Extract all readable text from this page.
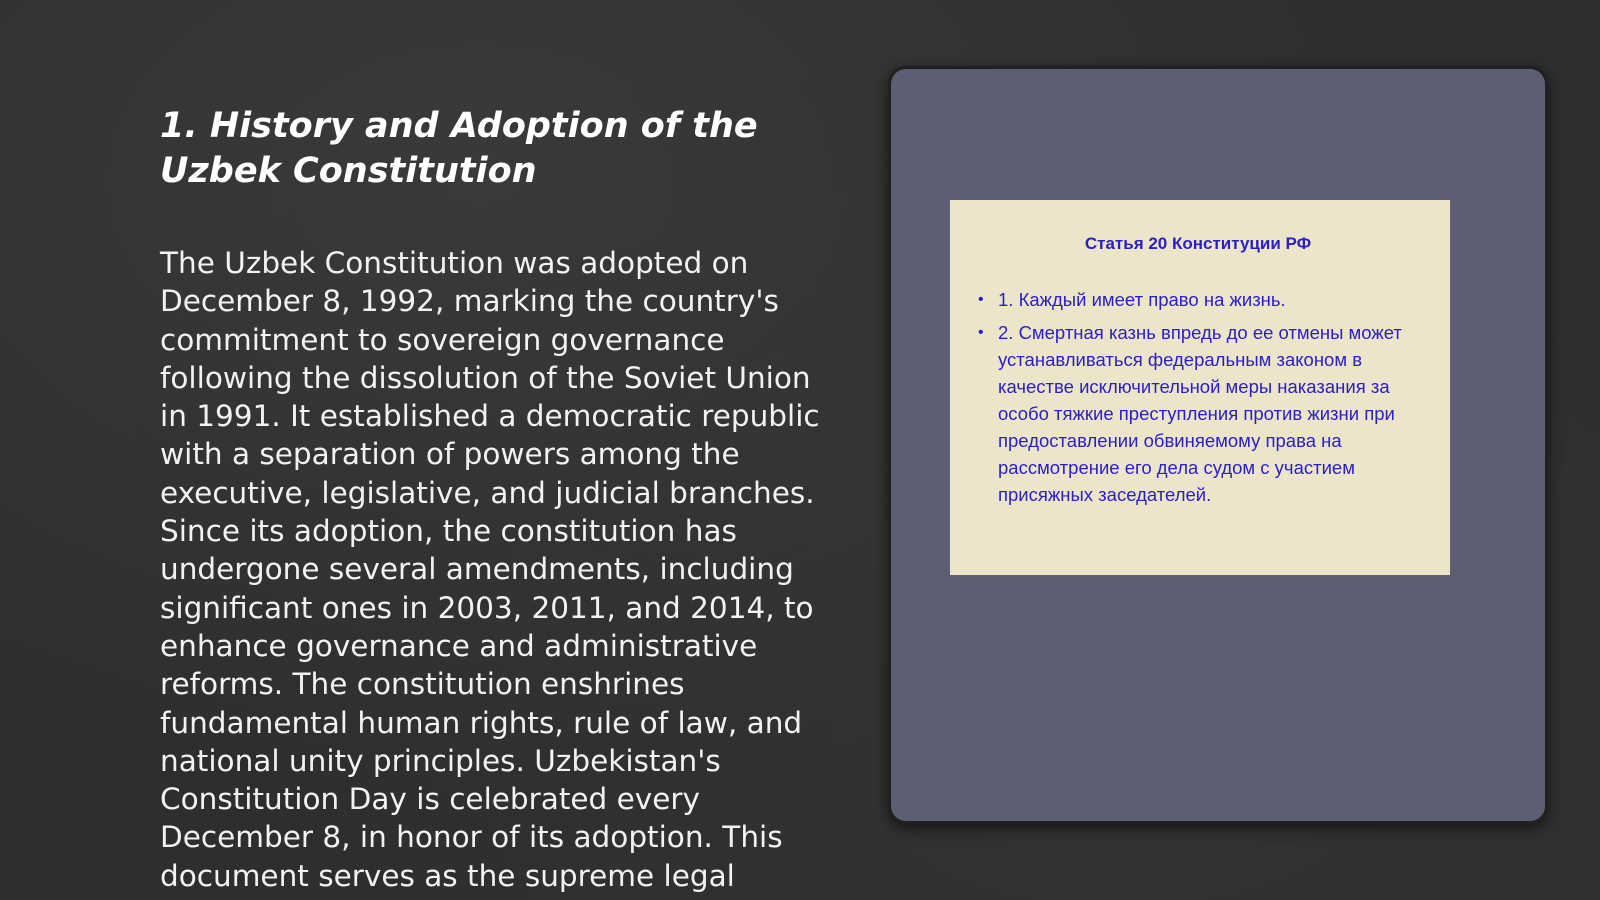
1. History and Adoption of the Uzbek Constitution

The Uzbek Constitution was adopted on
December 8, 1992, marking the country's
commitment to sovereign governance
following the dissolution of the Soviet Union
in 1991. It established a democratic republic
with a separation of powers among the
executive, legislative, and judicial branches.
Since its adoption, the constitution has
undergone several amendments, including
significant ones in 2003, 2011, and 2014, to
enhance governance and administrative
reforms. The constitution enshrines
fundamental human rights, rule of law, and
national unity principles. Uzbekistan's
Constitution Day is celebrated every
December 8, in honor of its adoption. This
document serves as the supreme legal

Статья 20 Конституции РФ
• 1. Каждый имеет право на жизнь.
• 2. Смертная казнь впредь до ее отмены может устанавливаться федеральным законом в качестве исключительной меры наказания за особо тяжкие преступления против жизни при предоставлении обвиняемому права на рассмотрение его дела судом с участием присяжных заседателей.
